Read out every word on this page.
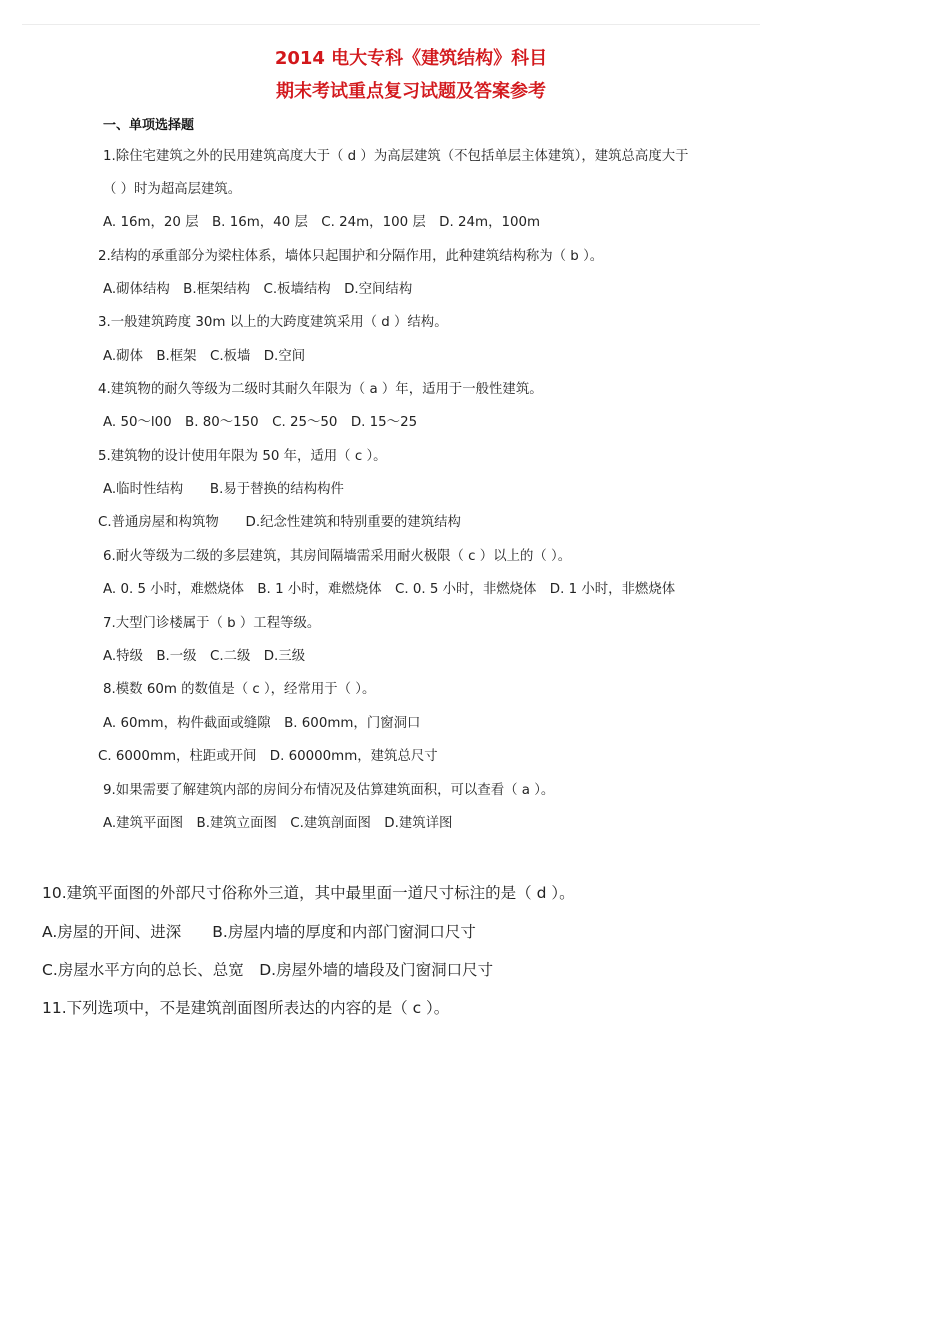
2014 电大专科《建筑结构》科目
期末考试重点复习试题及答案参考
一、单项选择题
1.除住宅建筑之外的民用建筑高度大于（ d ）为高层建筑（不包括单层主体建筑），建筑总高度大于
（ ）时为超高层建筑。
A. 16m，20 层　B. 16m，40 层　C. 24m，100 层　D. 24m，100m
2.结构的承重部分为梁柱体系，墙体只起围护和分隔作用，此种建筑结构称为（ b ）。
A.砌体结构　B.框架结构　C.板墙结构　D.空间结构
3.一般建筑跨度 30m 以上的大跨度建筑采用（ d ）结构。
A.砌体　B.框架　C.板墙　D.空间
4.建筑物的耐久等级为二级时其耐久年限为（ a ）年，适用于一般性建筑。
A. 50～l00　B. 80～150　C. 25～50　D. 15～25
5.建筑物的设计使用年限为 50 年，适用（ c ）。
A.临时性结构　　B.易于替换的结构构件
C.普通房屋和构筑物　　D.纪念性建筑和特别重要的建筑结构
6.耐火等级为二级的多层建筑，其房间隔墙需采用耐火极限（ c ）以上的（ ）。
A. 0. 5 小时，难燃烧体　B. 1 小时，难燃烧体　C. 0. 5 小时，非燃烧体　D. 1 小时，非燃烧体
7.大型门诊楼属于（ b ）工程等级。
A.特级　B.一级　C.二级　D.三级
8.模数 60m 的数值是（ c ），经常用于（ ）。
A. 60mm，构件截面或缝隙　B. 600mm，门窗洞口
C. 6000mm，柱距或开间　D. 60000mm，建筑总尺寸
9.如果需要了解建筑内部的房间分布情况及估算建筑面积，可以查看（ a ）。
A.建筑平面图　B.建筑立面图　C.建筑剖面图　D.建筑详图
10.建筑平面图的外部尺寸俗称外三道，其中最里面一道尺寸标注的是（ d ）。
A.房屋的开间、进深　　B.房屋内墙的厚度和内部门窗洞口尺寸
C.房屋水平方向的总长、总宽　D.房屋外墙的墙段及门窗洞口尺寸
11.下列选项中，不是建筑剖面图所表达的内容的是（ c ）。
